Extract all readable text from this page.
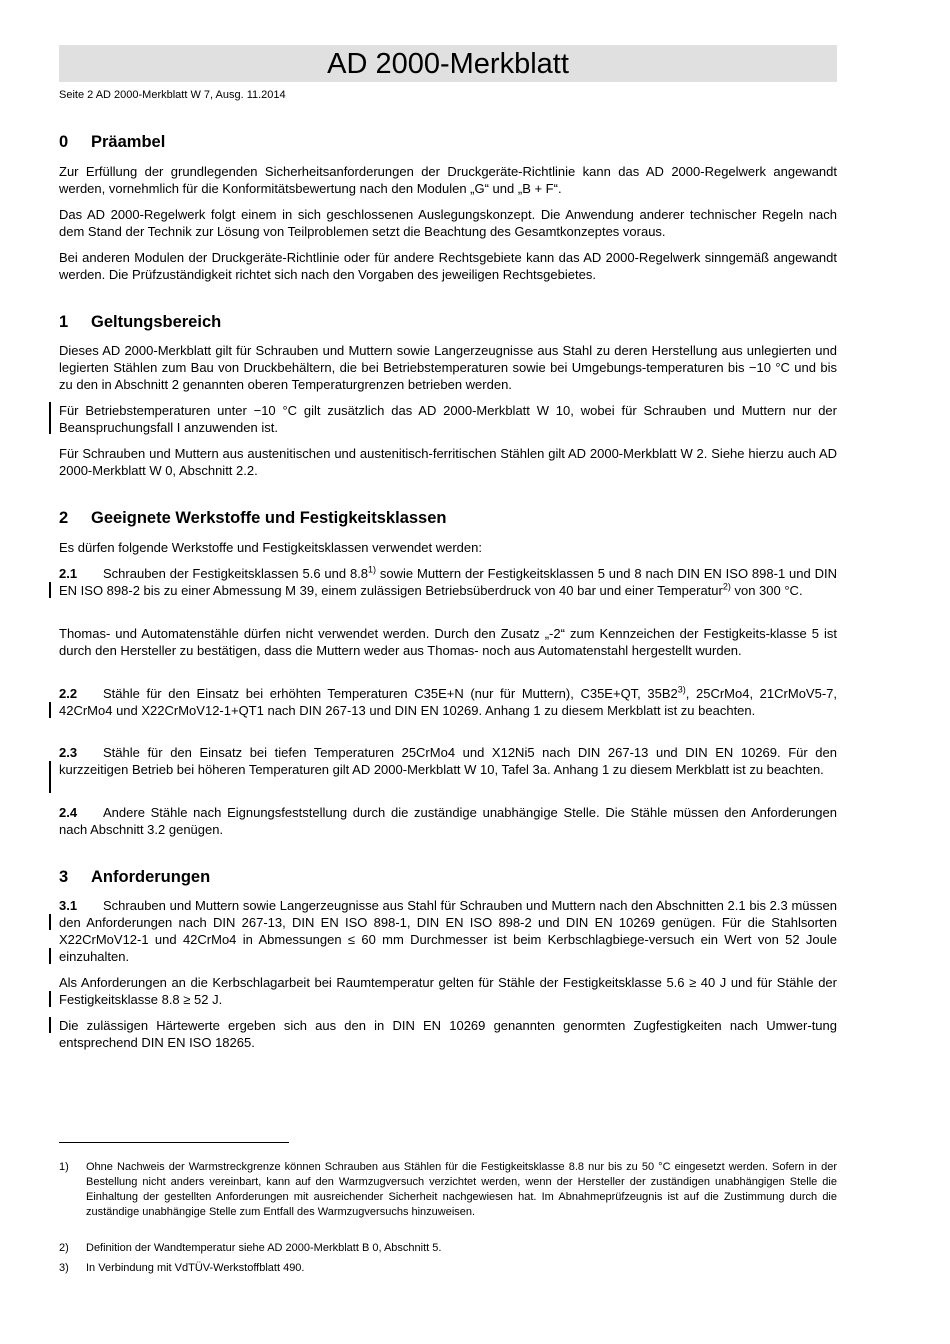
AD 2000-Merkblatt
Seite 2 AD 2000-Merkblatt W 7, Ausg. 11.2014
0 Präambel

Zur Erfüllung der grundlegenden Sicherheitsanforderungen der Druckgeräte-Richtlinie kann das AD 2000-Regelwerk angewandt werden, vornehmlich für die Konformitätsbewertung nach den Modulen „G“ und „B + F“.

Das AD 2000-Regelwerk folgt einem in sich geschlossenen Auslegungskonzept. Die Anwendung anderer technischer Regeln nach dem Stand der Technik zur Lösung von Teilproblemen setzt die Beachtung des Gesamtkonzeptes voraus.

Bei anderen Modulen der Druckgeräte-Richtlinie oder für andere Rechtsgebiete kann das AD 2000-Regelwerk sinngemäß angewandt werden. Die Prüfzuständigkeit richtet sich nach den Vorgaben des jeweiligen Rechtsgebietes.

1 Geltungsbereich

Dieses AD 2000-Merkblatt gilt für Schrauben und Muttern sowie Langerzeugnisse aus Stahl zu deren Herstellung aus unlegierten und legierten Stählen zum Bau von Druckbehältern, die bei Betriebstemperaturen sowie bei Umgebungs-temperaturen bis −10 °C und bis zu den in Abschnitt 2 genannten oberen Temperaturgrenzen betrieben werden.

Für Betriebstemperaturen unter −10 °C gilt zusätzlich das AD 2000-Merkblatt W 10, wobei für Schrauben und Muttern nur der Beanspruchungsfall I anzuwenden ist.

Für Schrauben und Muttern aus austenitischen und austenitisch-ferritischen Stählen gilt AD 2000-Merkblatt W 2. Siehe hierzu auch AD 2000-Merkblatt W 0, Abschnitt 2.2.

2 Geeignete Werkstoffe und Festigkeitsklassen

Es dürfen folgende Werkstoffe und Festigkeitsklassen verwendet werden:

2.1 Schrauben der Festigkeitsklassen 5.6 und 8.8$^{1)}$ sowie Muttern der Festigkeitsklassen 5 und 8 nach DIN EN ISO 898-1 und DIN EN ISO 898-2 bis zu einer Abmessung M 39, einem zulässigen Betriebsüberdruck von 40 bar und einer Temperatur$^{2)}$ von 300 °C.

Thomas- und Automatenstähle dürfen nicht verwendet werden. Durch den Zusatz „-2“ zum Kennzeichen der Festigkeits-klasse 5 ist durch den Hersteller zu bestätigen, dass die Muttern weder aus Thomas- noch aus Automatenstahl hergestellt wurden.

2.2 Stähle für den Einsatz bei erhöhten Temperaturen C35E+N (nur für Muttern), C35E+QT, 35B2$^{3)}$, 25CrMo4, 21CrMoV5-7, 42CrMo4 und X22CrMoV12-1+QT1 nach DIN 267-13 und DIN EN 10269. Anhang 1 zu diesem Merkblatt ist zu beachten.

2.3 Stähle für den Einsatz bei tiefen Temperaturen 25CrMo4 und X12Ni5 nach DIN 267-13 und DIN EN 10269. Für den kurzzeitigen Betrieb bei höheren Temperaturen gilt AD 2000-Merkblatt W 10, Tafel 3a. Anhang 1 zu diesem Merkblatt ist zu beachten.

2.4 Andere Stähle nach Eignungsfeststellung durch die zuständige unabhängige Stelle. Die Stähle müssen den Anforderungen nach Abschnitt 3.2 genügen.

3 Anforderungen

3.1 Schrauben und Muttern sowie Langerzeugnisse aus Stahl für Schrauben und Muttern nach den Abschnitten 2.1 bis 2.3 müssen den Anforderungen nach DIN 267-13, DIN EN ISO 898-1, DIN EN ISO 898-2 und DIN EN 10269 genügen. Für die Stahlsorten X22CrMoV12-1 und 42CrMo4 in Abmessungen ≤ 60 mm Durchmesser ist beim Kerbschlagbiege-versuch ein Wert von 52 Joule einzuhalten.

Als Anforderungen an die Kerbschlagarbeit bei Raumtemperatur gelten für Stähle der Festigkeitsklasse 5.6 ≥ 40 J und für Stähle der Festigkeitsklasse 8.8 ≥ 52 J.

Die zulässigen Härtewerte ergeben sich aus den in DIN EN 10269 genannten genormten Zugfestigkeiten nach Umwer-tung entsprechend DIN EN ISO 18265.

1) Ohne Nachweis der Warmstreckgrenze können Schrauben aus Stählen für die Festigkeitsklasse 8.8 nur bis zu 50 °C eingesetzt werden. Sofern in der Bestellung nicht anders vereinbart, kann auf den Warmzugversuch verzichtet werden, wenn der Hersteller der zuständigen unabhängigen Stelle die Einhaltung der gestellten Anforderungen mit ausreichender Sicherheit nachgewiesen hat. Im Abnahmeprüfzeugnis ist auf die Zustimmung durch die zuständige unabhängige Stelle zum Entfall des Warmzugversuchs hinzuweisen.
2) Definition der Wandtemperatur siehe AD 2000-Merkblatt B 0, Abschnitt 5.
3) In Verbindung mit VdTÜV-Werkstoffblatt 490.
